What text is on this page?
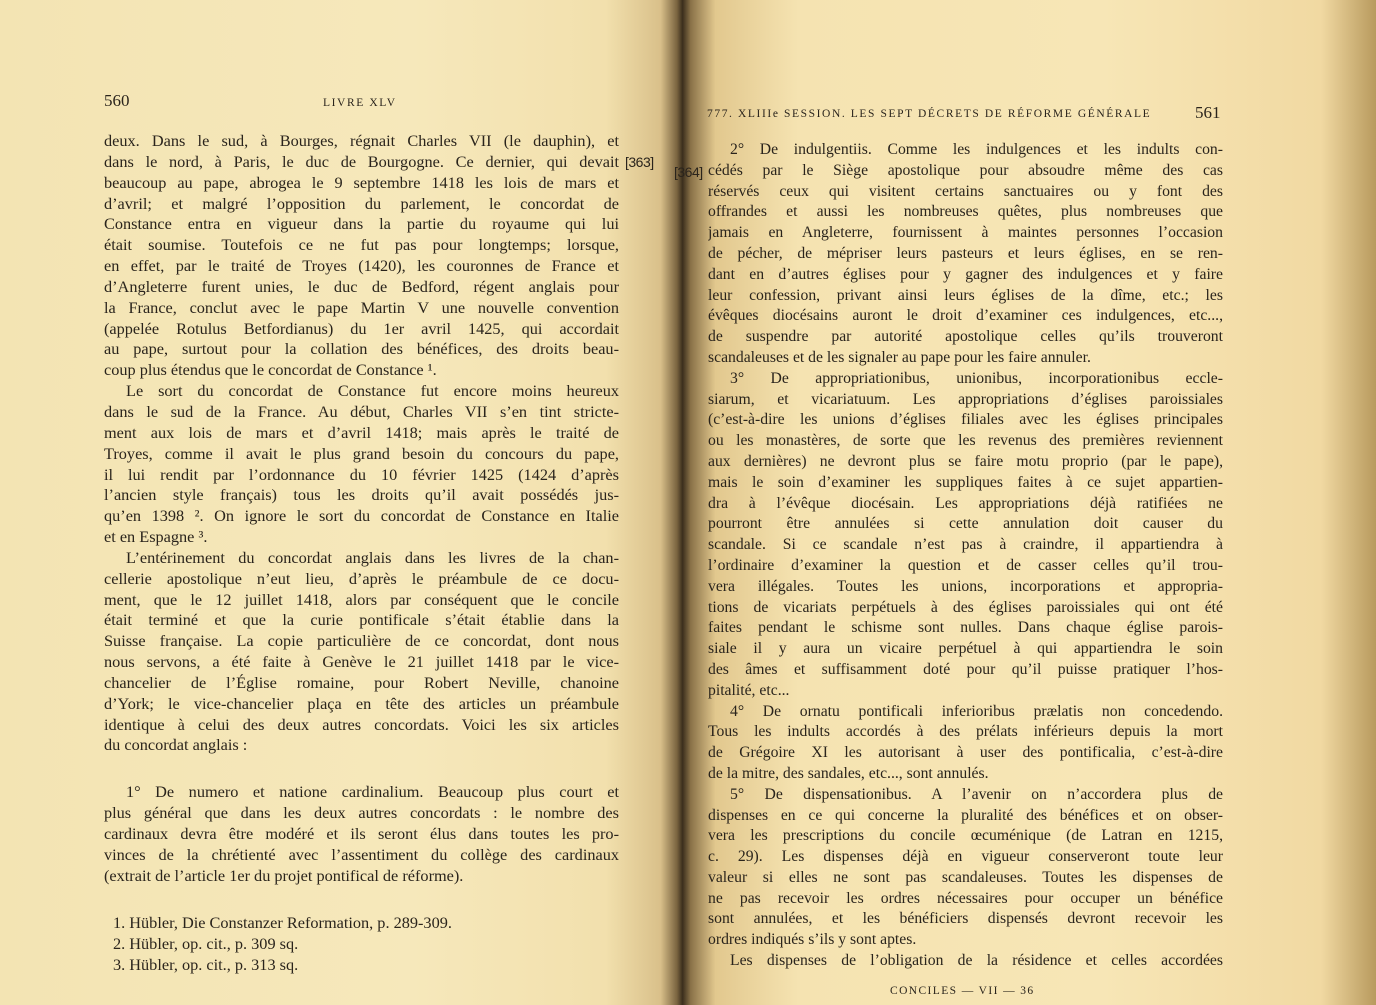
560	LIVRE XLV
[363]
deux. Dans le sud, à Bourges, régnait Charles VII (le dauphin), et
dans le nord, à Paris, le duc de Bourgogne. Ce dernier, qui devait
beaucoup au pape, abrogea le 9 septembre 1418 les lois de mars et
d’avril; et malgré l’opposition du parlement, le concordat de
Constance entra en vigueur dans la partie du royaume qui lui
était soumise. Toutefois ce ne fut pas pour longtemps; lorsque,
en effet, par le traité de Troyes (1420), les couronnes de France et
d’Angleterre furent unies, le duc de Bedford, régent anglais pour
la France, conclut avec le pape Martin V une nouvelle convention
(appelée Rotulus Betfordianus) du 1er avril 1425, qui accordait
au pape, surtout pour la collation des bénéfices, des droits beau-
coup plus étendus que le concordat de Constance ¹.
Le sort du concordat de Constance fut encore moins heureux
dans le sud de la France. Au début, Charles VII s’en tint stricte-
ment aux lois de mars et d’avril 1418; mais après le traité de
Troyes, comme il avait le plus grand besoin du concours du pape,
il lui rendit par l’ordonnance du 10 février 1425 (1424 d’après
l’ancien style français) tous les droits qu’il avait possédés jus-
qu’en 1398 ². On ignore le sort du concordat de Constance en Italie
et en Espagne ³.
L’entérinement du concordat anglais dans les livres de la chan-
cellerie apostolique n’eut lieu, d’après le préambule de ce docu-
ment, que le 12 juillet 1418, alors par conséquent que le concile
était terminé et que la curie pontificale s’était établie dans la
Suisse française. La copie particulière de ce concordat, dont nous
nous servons, a été faite à Genève le 21 juillet 1418 par le vice-
chancelier de l’Église romaine, pour Robert Neville, chanoine
d’York; le vice-chancelier plaça en tête des articles un préambule
identique à celui des deux autres concordats. Voici les six articles
du concordat anglais :
1° De numero et natione cardinalium. Beaucoup plus court et
plus général que dans les deux autres concordats : le nombre des
cardinaux devra être modéré et ils seront élus dans toutes les pro-
vinces de la chrétienté avec l’assentiment du collège des cardinaux
(extrait de l’article 1er du projet pontifical de réforme).
1. Hübler, Die Constanzer Reformation, p. 289-309.
2. Hübler, op. cit., p. 309 sq.
3. Hübler, op. cit., p. 313 sq.
777. XLIIIe SESSION. LES SEPT DÉCRETS DE RÉFORME GÉNÉRALE	561
[364]
2° De indulgentiis. Comme les indulgences et les indults con-
cédés par le Siège apostolique pour absoudre même des cas
réservés ceux qui visitent certains sanctuaires ou y font des
offrandes et aussi les nombreuses quêtes, plus nombreuses que
jamais en Angleterre, fournissent à maintes personnes l’occasion
de pécher, de mépriser leurs pasteurs et leurs églises, en se ren-
dant en d’autres églises pour y gagner des indulgences et y faire
leur confession, privant ainsi leurs églises de la dîme, etc.; les
évêques diocésains auront le droit d’examiner ces indulgences, etc...,
de suspendre par autorité apostolique celles qu’ils trouveront
scandaleuses et de les signaler au pape pour les faire annuler.
3° De appropriationibus, unionibus, incorporationibus eccle-
siarum, et vicariatuum. Les appropriations d’églises paroissiales
(c’est-à-dire les unions d’églises filiales avec les églises principales
ou les monastères, de sorte que les revenus des premières reviennent
aux dernières) ne devront plus se faire motu proprio (par le pape),
mais le soin d’examiner les suppliques faites à ce sujet appartien-
dra à l’évêque diocésain. Les appropriations déjà ratifiées ne
pourront être annulées si cette annulation doit causer du
scandale. Si ce scandale n’est pas à craindre, il appartiendra à
l’ordinaire d’examiner la question et de casser celles qu’il trou-
vera illégales. Toutes les unions, incorporations et appropria-
tions de vicariats perpétuels à des églises paroissiales qui ont été
faites pendant le schisme sont nulles. Dans chaque église parois-
siale il y aura un vicaire perpétuel à qui appartiendra le soin
des âmes et suffisamment doté pour qu’il puisse pratiquer l’hos-
pitalité, etc...
4° De ornatu pontificali inferioribus prælatis non concedendo.
Tous les indults accordés à des prélats inférieurs depuis la mort
de Grégoire XI les autorisant à user des pontificalia, c’est-à-dire
de la mitre, des sandales, etc..., sont annulés.
5° De dispensationibus. A l’avenir on n’accordera plus de
dispenses en ce qui concerne la pluralité des bénéfices et on obser-
vera les prescriptions du concile œcuménique (de Latran en 1215,
c. 29). Les dispenses déjà en vigueur conserveront toute leur
valeur si elles ne sont pas scandaleuses. Toutes les dispenses de
ne pas recevoir les ordres nécessaires pour occuper un bénéfice
sont annulées, et les bénéficiers dispensés devront recevoir les
ordres indiqués s’ils y sont aptes.
Les dispenses de l’obligation de la résidence et celles accordées
CONCILES — VII — 36
